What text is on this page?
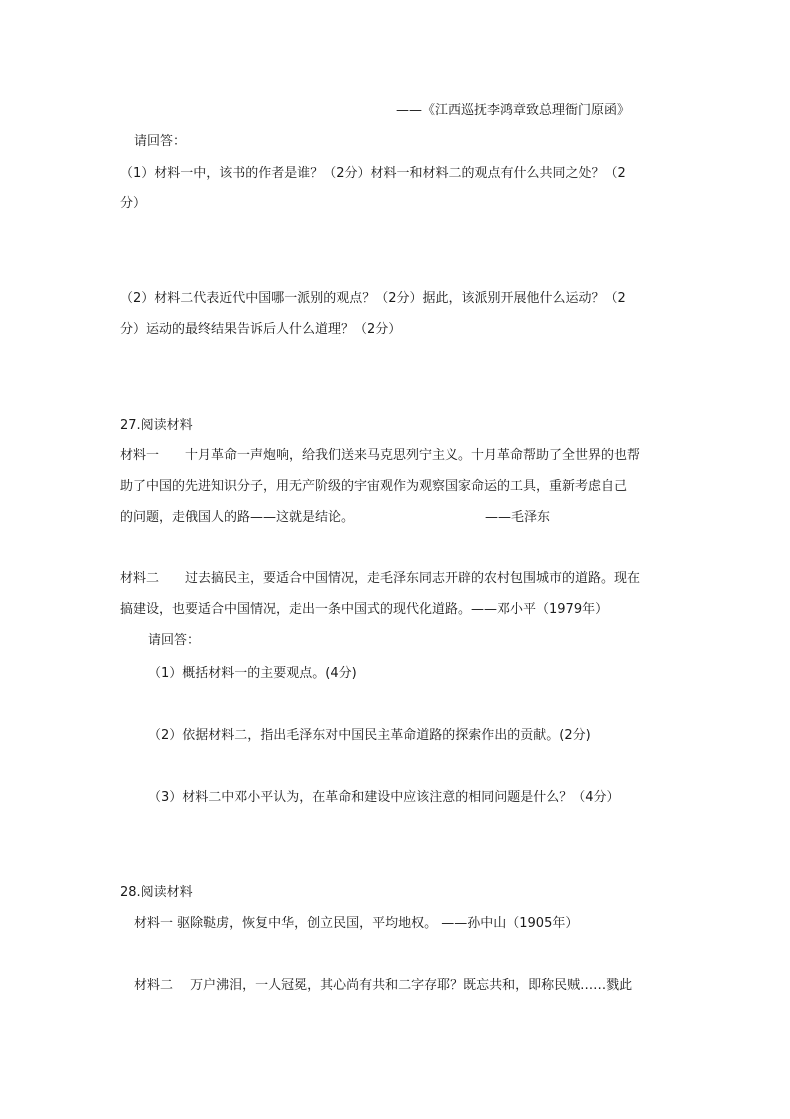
——《江西巡抚李鸿章致总理衙门原函》
请回答：
（1）材料一中，该书的作者是谁？（2分）材料一和材料二的观点有什么共同之处？（2
分）
（2）材料二代表近代中国哪一派别的观点？（2分）据此，该派别开展他什么运动？（2
分）运动的最终结果告诉后人什么道理？（2分）
27.阅读材料
材料一　　十月革命一声炮响，给我们送来马克思列宁主义。十月革命帮助了全世界的也帮
助了中国的先进知识分子，用无产阶级的宇宙观作为观察国家命运的工具，重新考虑自己
的问题，走俄国人的路——这就是结论。	——毛泽东
材料二　　过去搞民主，要适合中国情况，走毛泽东同志开辟的农村包围城市的道路。现在
搞建设，也要适合中国情况，走出一条中国式的现代化道路。——邓小平（1979年）
请回答：
（1）概括材料一的主要观点。(4分)
（2）依据材料二，指出毛泽东对中国民主革命道路的探索作出的贡献。(2分)
（3）材料二中邓小平认为，在革命和建设中应该注意的相同问题是什么？（4分）
28.阅读材料
材料一 驱除鞑虏，恢复中华，创立民国，平均地权。 ——孙中山（1905年）
材料二　 万户沸泪，一人冠冕，其心尚有共和二字存耶？既忘共和，即称民贼……戮此
